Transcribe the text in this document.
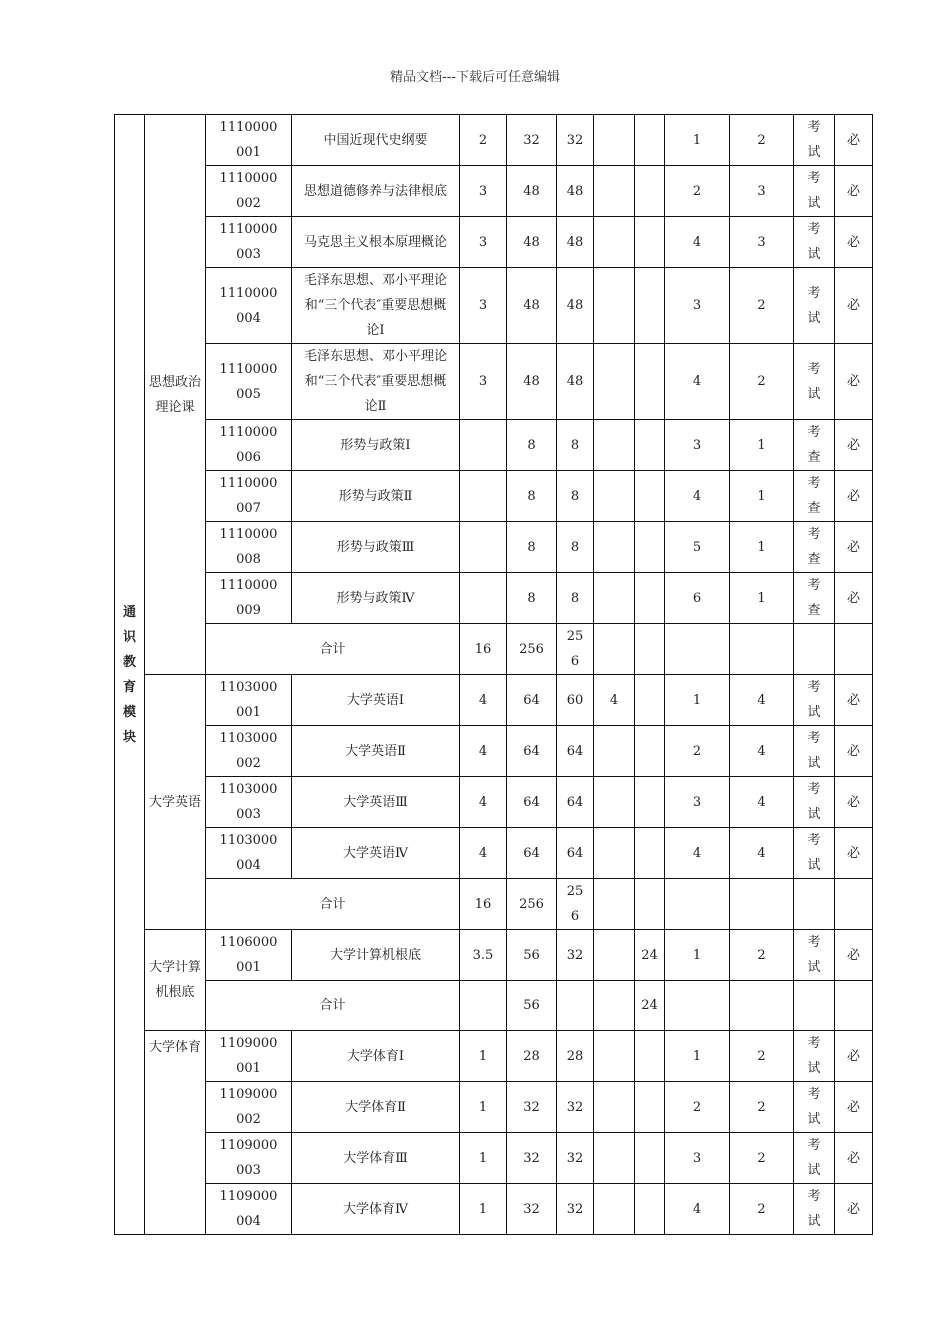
精品文档---下载后可任意编辑
通识教育模块	思想政治理论课	1110000001	中国近现代史纲要	2	32	32			1	2	考试	必
		1110000002	思想道德修养与法律根底	3	48	48			2	3	考试	必
		1110000003	马克思主义根本原理概论	3	48	48			4	3	考试	必
		1110000004	毛泽东思想、邓小平理论和“三个代表″重要思想概论Ⅰ	3	48	48			3	2	考试	必
		1110000005	毛泽东思想、邓小平理论和“三个代表″重要思想概论Ⅱ	3	48	48			4	2	考试	必
		1110000006	形势与政策Ⅰ		8	8			3	1	考查	必
		1110000007	形势与政策Ⅱ		8	8			4	1	考查	必
		1110000008	形势与政策Ⅲ		8	8			5	1	考查	必
		1110000009	形势与政策Ⅳ		8	8			6	1	考查	必
		合计		16	256	256						
	大学英语	1103000001	大学英语Ⅰ	4	64	60	4		1	4	考试	必
		1103000002	大学英语Ⅱ	4	64	64			2	4	考试	必
		1103000003	大学英语Ⅲ	4	64	64			3	4	考试	必
		1103000004	大学英语Ⅳ	4	64	64			4	4	考试	必
		合计		16	256	256						
	大学计算机根底	1106000001	大学计算机根底	3.5	56	32		24	1	2	考试	必
		合计			56			24				
	大学体育	1109000001	大学体育Ⅰ	1	28	28			1	2	考试	必
		1109000002	大学体育Ⅱ	1	32	32			2	2	考试	必
		1109000003	大学体育Ⅲ	1	32	32			3	2	考试	必
		1109000004	大学体育Ⅳ	1	32	32			4	2	考试	必
